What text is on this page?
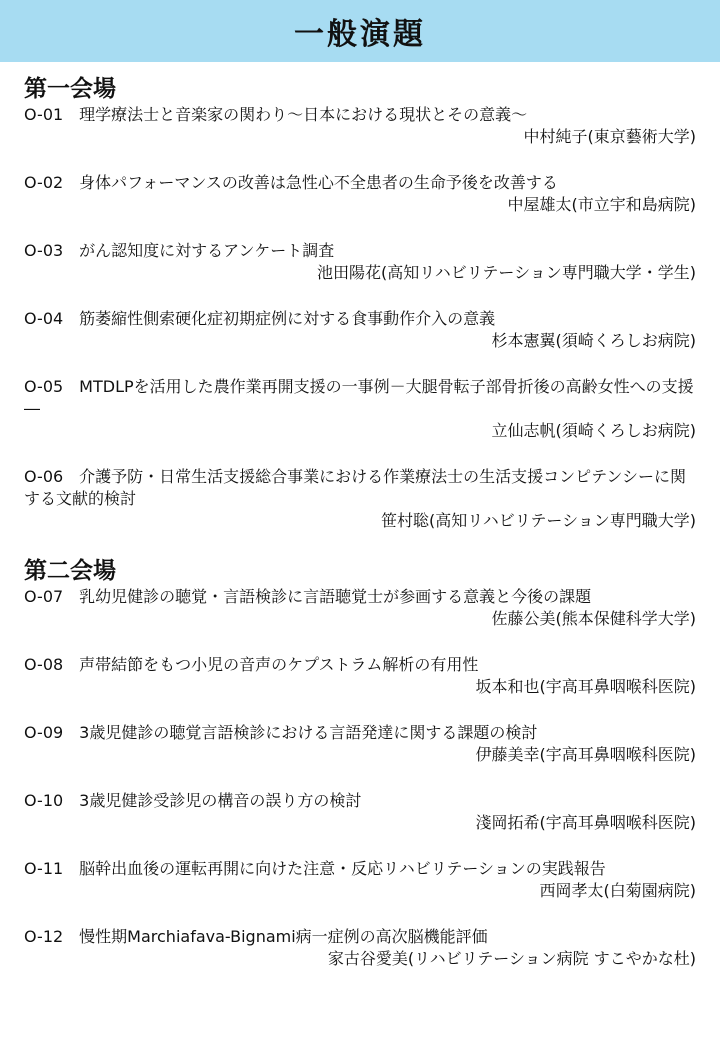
一般演題
第一会場

O-01 理学療法士と音楽家の関わり～日本における現状とその意義～

中村純子(東京藝術大学)

O-02 身体パフォーマンスの改善は急性心不全患者の生命予後を改善する

中屋雄太(市立宇和島病院)

O-03 がん認知度に対するアンケート調査

池田陽花(高知リハビリテーション専門職大学・学生)

O-04 筋萎縮性側索硬化症初期症例に対する食事動作介入の意義

杉本憲翼(須崎くろしお病院)

O-05 MTDLPを活用した農作業再開支援の一事例－大腿骨転子部骨折後の高齢女性への支援―

立仙志帆(須崎くろしお病院)

O-06 介護予防・日常生活支援総合事業における作業療法士の生活支援コンピテンシーに関する文献的検討

笹村聡(高知リハビリテーション専門職大学)

第二会場

O-07 乳幼児健診の聴覚・言語検診に言語聴覚士が参画する意義と今後の課題

佐藤公美(熊本保健科学大学)

O-08 声帯結節をもつ小児の音声のケプストラム解析の有用性

坂本和也(宇高耳鼻咽喉科医院)

O-09 3歳児健診の聴覚言語検診における言語発達に関する課題の検討

伊藤美幸(宇高耳鼻咽喉科医院)

O-10 3歳児健診受診児の構音の誤り方の検討

淺岡拓希(宇高耳鼻咽喉科医院)

O-11 脳幹出血後の運転再開に向けた注意・反応リハビリテーションの実践報告

西岡孝太(白菊園病院)

O-12 慢性期Marchiafava-Bignami病一症例の高次脳機能評価

家古谷愛美(リハビリテーション病院 すこやかな杜)
